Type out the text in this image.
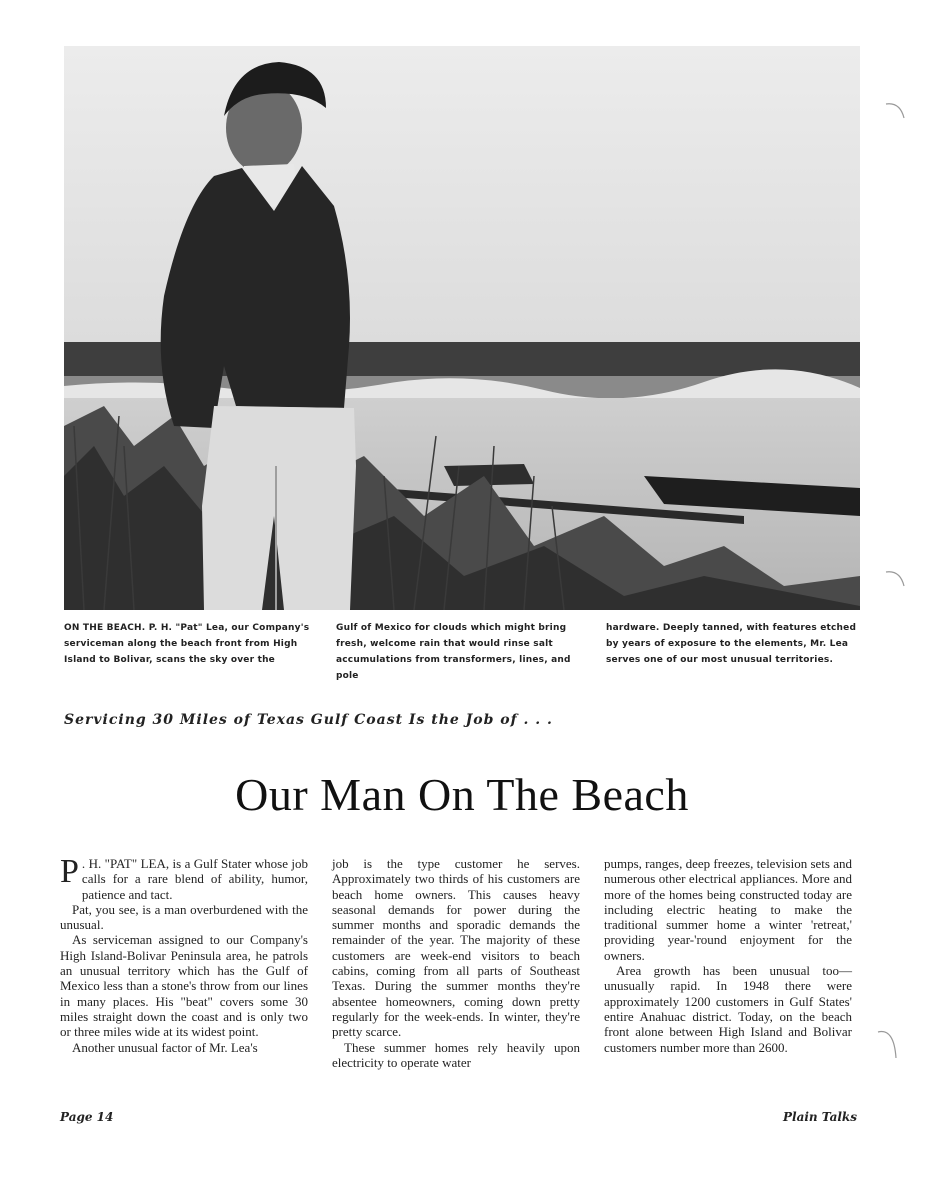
ON THE BEACH. P. H. "Pat" Lea, our Company's serviceman along the beach front from High Island to Bolivar, scans the sky over the
Gulf of Mexico for clouds which might bring fresh, welcome rain that would rinse salt accumulations from transformers, lines, and pole
hardware. Deeply tanned, with features etched by years of exposure to the elements, Mr. Lea serves one of our most unusual territories.
Servicing 30 Miles of Texas Gulf Coast Is the Job of . . .
Our Man On The Beach

P . H. "PAT" LEA, is a Gulf Stater whose job calls for a rare blend of ability, humor, patience and tact.

Pat, you see, is a man overburdened with the unusual.

As serviceman assigned to our Company's High Island-Bolivar Peninsula area, he patrols an unusual territory which has the Gulf of Mexico less than a stone's throw from our lines in many places. His "beat" covers some 30 miles straight down the coast and is only two or three miles wide at its widest point.

Another unusual factor of Mr. Lea's

job is the type customer he serves. Approximately two thirds of his customers are beach home owners. This causes heavy seasonal demands for power during the summer months and sporadic demands the remainder of the year. The majority of these customers are week-end visitors to beach cabins, coming from all parts of Southeast Texas. During the summer months they're absentee homeowners, coming down pretty regularly for the week-ends. In winter, they're pretty scarce.

These summer homes rely heavily upon electricity to operate water

pumps, ranges, deep freezes, television sets and numerous other electrical appliances. More and more of the homes being constructed today are including electric heating to make the traditional summer home a winter 'retreat,' providing year-'round enjoyment for the owners.

Area growth has been unusual too—unusually rapid. In 1948 there were approximately 1200 customers in Gulf States' entire Anahuac district. Today, on the beach front alone between High Island and Bolivar customers number more than 2600.

Page 14	Plain Talks
